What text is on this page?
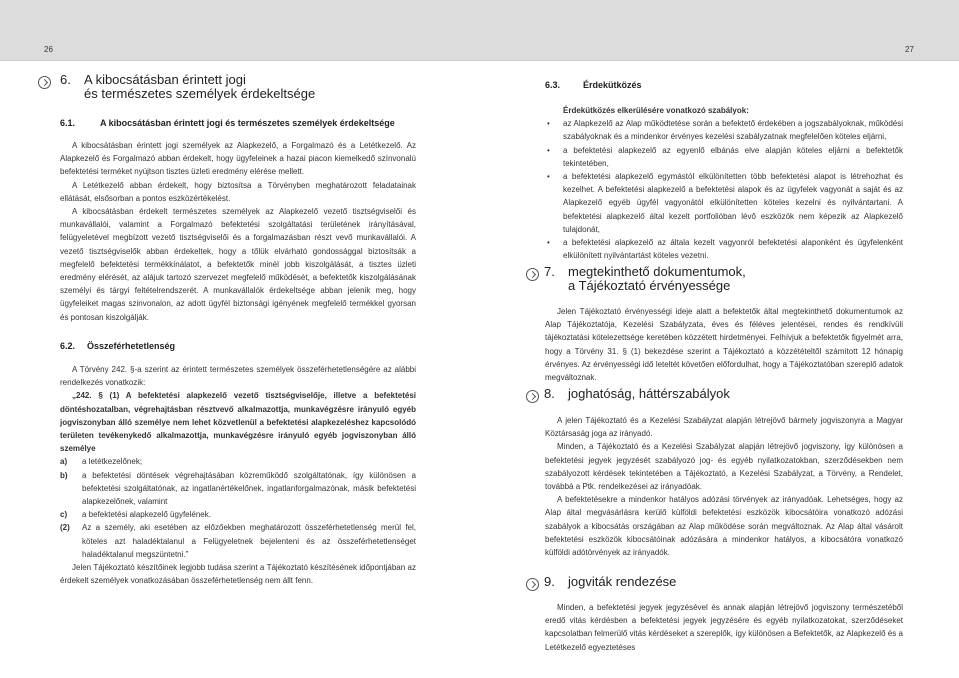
26	27
6. A kibocsátásban érintett jogi
és természetes személyek érdekeltsége
6.1.	A kibocsátásban érintett jogi és természetes személyek érdekeltsége
A kibocsátásban érintett jogi személyek az Alapkezelő, a Forgalmazó és a Letétkezelő. Az Alapkezelő és Forgalmazó abban érdekelt, hogy ügyfeleinek a hazai piacon kiemelkedő színvonalú befektetési terméket nyújtson tisztes üzleti eredmény elérése mellett.
A Letétkezelő abban érdekelt, hogy biztosítsa a Törvényben meghatározott feladatainak ellátását, elsősorban a pontos eszközértékelést.
A kibocsátásban érdekelt természetes személyek az Alapkezelő vezető tisztségviselői és munkavállalói, valamint a Forgalmazó befektetési szolgáltatási területének irányításával, felügyeletével megbízott vezető tisztségviselői és a forgalmazásban részt vevő munkavállalói. A vezető tisztségviselők abban érdekeltek, hogy a tőlük elvárható gondossággal biztosítsák a megfelelő befektetési termékkínálatot, a befektetők minél jobb kiszolgálását, a tisztes üzleti eredmény elérését, az alájuk tartozó szervezet megfelelő működését, a befektetők kiszolgálásának személyi és tárgyi feltételrendszerét. A munkavállalók érdekeltsége abban jelenik meg, hogy ügyfeleiket magas szinvonalon, az adott ügyfél biztonsági igényének megfelelő termékkel gyorsan és pontosan kiszolgálják.
6.2. Összeférhetetlenség
A Törvény 242. §-a szerint az érintett természetes személyek összeférhetetlenségére az alábbi rendelkezés vonatkozik:
„242. § (1) A befektetési alapkezelő vezető tisztségviselője, illetve a befektetési döntéshozatalban, végrehajtásban résztvevő alkalmazottja, munkavégzésre irányuló egyéb jogviszonyban álló személye nem lehet közvetlenül a befektetési alapkezeléshez kapcsolódó területen tevékenykedő alkalmazottja, munkavégzésre irányuló egyéb jogviszonyban álló személye
a)	a letétkezelőnek;
b)	a befektetési döntések végrehajtásában közreműködő szolgáltatónak, így különösen a befektetési szolgáltatónak, az ingatlanértékelőnek, ingatlanforgalmazónak, másik befektetési alapkezelőnek, valamint
c)	a befektetési alapkezelő ügyfelének.
(2)	Az a személy, aki esetében az előzőekben meghatározott összeférhetetlenség merül fel, köteles azt haladéktalanul a Felügyeletnek bejelenteni és az összeférhetetlenséget haladéktalanul megszüntetni.”
Jelen Tájékoztató készítőinek legjobb tudása szerint a Tájékoztató készítésének időpontjában az érdekelt személyek vonatkozásában összeférhetetlenség nem állt fenn.
6.3.	Érdekütközés
Érdekütközés elkerülésére vonatkozó szabályok:
• az Alapkezelő az Alap működtetése során a befektető érdekében a jogszabályoknak, működési szabályoknak és a mindenkor érvényes kezelési szabályzatnak megfelelően köteles eljárni,
• a befektetési alapkezelő az egyenlő elbánás elve alapján köteles eljárni a befektetők tekintetében,
• a befektetési alapkezelő egymástól elkülönítetten több befektetési alapot is létrehozhat és kezelhet. A befektetési alapkezelő a befektetési alapok és az ügyfelek vagyonát a saját és az Alapkezelő egyéb ügyfél vagyonától elkülönítetten köteles kezelni és nyilvántartani. A befektetési alapkezelő által kezelt portfolióban lévő eszközök nem képezik az Alapkezelő tulajdonát,
• a befektetési alapkezelő az általa kezelt vagyonról befektetési alaponként és ügyfelenként elkülönített nyilvántartást köteles vezetni.
7. megtekinthető dokumentumok,
a Tájékoztató érvényessége
Jelen Tájékoztató érvényességi ideje alatt a befektetők által megtekinthető dokumentumok az Alap Tájékoztatója, Kezelési Szabályzata, éves és féléves jelentései, rendes és rendkívüli tájékoztatási kötelezettsége keretében közzétett hirdetményei. Felhívjuk a befektetők figyelmét arra, hogy a Törvény 31. § (1) bekezdése szerint a Tájékoztató a közzétételtől számított 12 hónapig érvényes. Az érvényességi idő leteltét követően előfordulhat, hogy a Tájékoztatóban szereplő adatok megváltoznak.
8. joghatóság, háttérszabályok
A jelen Tájékoztató és a Kezelési Szabályzat alapján létrejövő bármely jogviszonyra a Magyar Köztársaság joga az irányadó.
Minden, a Tájékoztató és a Kezelési Szabályzat alapján létrejövő jogviszony, így különösen a befektetési jegyek jegyzését szabályozó jog- és egyéb nyilatkozatokban, szerződésekben nem szabályozott kérdések tekintetében a Tájékoztató, a Kezelési Szabályzat, a Törvény, a Rendelet, továbbá a Ptk. rendelkezései az irányadóak.
A befektetésekre a mindenkor hatályos adózási törvények az irányadóak. Lehetséges, hogy az Alap által megvásárlásra kerülő külföldi befektetési eszközök kibocsátóira vonatkozó adózási szabályok a kibocsátás országában az Alap működése során megváltoznak. Az Alap által vásárolt befektetési eszközök kibocsátóinak adózására a mindenkor hatályos, a kibocsátóra vonatkozó külföldi adótörvények az irányadók.
9. jogviták rendezése
Minden, a befektetési jegyek jegyzésével és annak alapján létrejövő jogviszony természetéből eredő vitás kérdésben a befektetési jegyek jegyzésére és egyéb nyilatkozatokat, szerződéseket kapcsolatban felmerülő vitás kérdéseket a szereplők, így különösen a Befektetők, az Alapkezelő és a Letétkezelő egyeztetéses
